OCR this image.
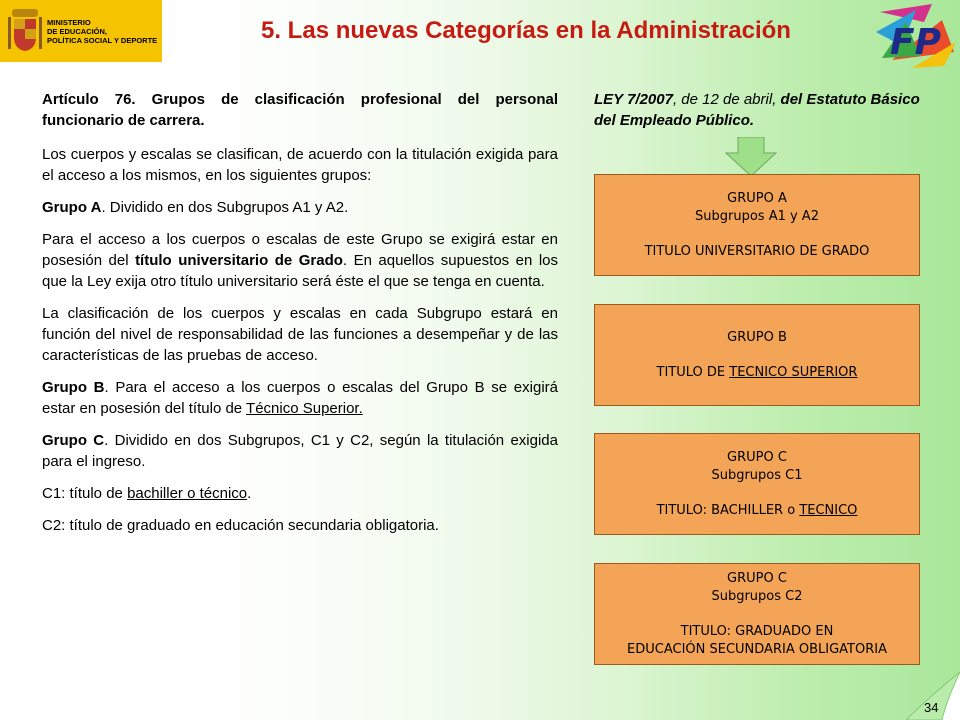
MINISTERIO
DE EDUCACIÓN,
POLÍTICA SOCIAL Y DEPORTE	5. Las nuevas Categorías en la Administración	FP

Artículo 76. Grupos de clasificación profesional del personal funcionario de carrera.

Los cuerpos y escalas se clasifican, de acuerdo con la titulación exigida para el acceso a los mismos, en los siguientes grupos:

Grupo A. Dividido en dos Subgrupos A1 y A2.

Para el acceso a los cuerpos o escalas de este Grupo se exigirá estar en posesión del título universitario de Grado. En aquellos supuestos en los que la Ley exija otro título universitario será éste el que se tenga en cuenta.

La clasificación de los cuerpos y escalas en cada Subgrupo estará en función del nivel de responsabilidad de las funciones a desempeñar y de las características de las pruebas de acceso.

Grupo B. Para el acceso a los cuerpos o escalas del Grupo B se exigirá estar en posesión del título de Técnico Superior.

Grupo C. Dividido en dos Subgrupos, C1 y C2, según la titulación exigida para el ingreso.

C1: título de bachiller o técnico.

C2: título de graduado en educación secundaria obligatoria.

LEY 7/2007, de 12 de abril, del Estatuto Básico del Empleado Público.
GRUPO A
Subgrupos A1 y A2
TITULO UNIVERSITARIO DE GRADO
GRUPO B
TITULO DE TECNICO SUPERIOR
GRUPO C
Subgrupos C1
TITULO: BACHILLER o TECNICO
GRUPO C
Subgrupos C2
TITULO: GRADUADO EN
EDUCACIÓN SECUNDARIA OBLIGATORIA
34
